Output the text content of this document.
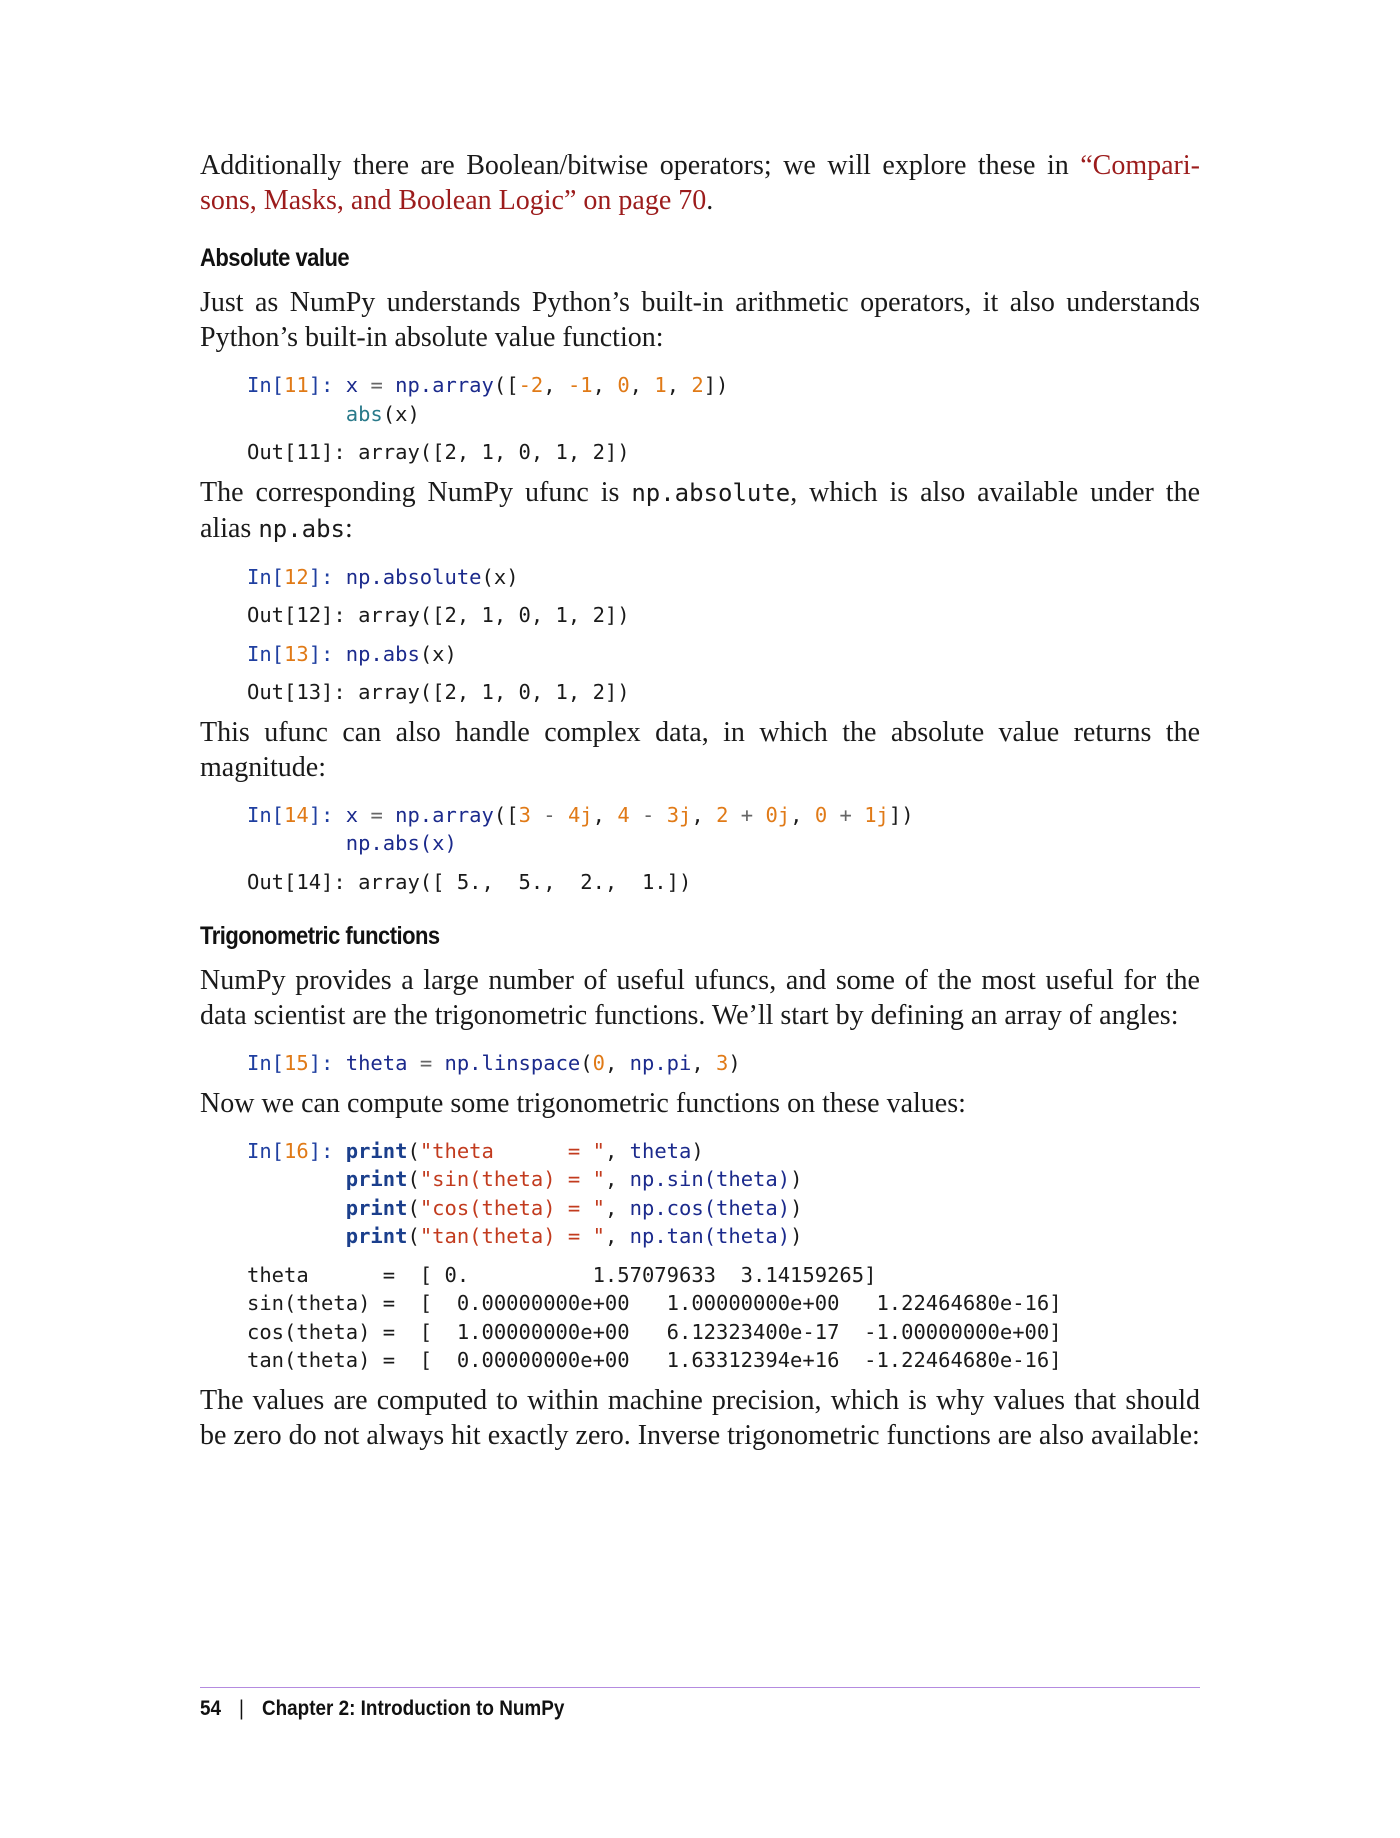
Additionally there are Boolean/bitwise operators; we will explore these in “Compari- sons, Masks, and Boolean Logic” on page 70.

Absolute value

Just as NumPy understands Python’s built-in arithmetic operators, it also understands Python’s built-in absolute value function:

In[11]: x = np.array([-2, -1, 0, 1, 2])
abs(x)

Out[11]: array([2, 1, 0, 1, 2])

The corresponding NumPy ufunc is np.absolute, which is also available under the alias np.abs:

In[12]: np.absolute(x)

Out[12]: array([2, 1, 0, 1, 2])

In[13]: np.abs(x)

Out[13]: array([2, 1, 0, 1, 2])

This ufunc can also handle complex data, in which the absolute value returns the magnitude:

In[14]: x = np.array([3 - 4j, 4 - 3j, 2 + 0j, 0 + 1j])
np.abs(x)

Out[14]: array([ 5.,  5.,  2.,  1.])

Trigonometric functions

NumPy provides a large number of useful ufuncs, and some of the most useful for the data scientist are the trigonometric functions. We’ll start by defining an array of angles:

In[15]: theta = np.linspace(0, np.pi, 3)

Now we can compute some trigonometric functions on these values:

In[16]: print("theta      = ", theta)
print("sin(theta) = ", np.sin(theta))
print("cos(theta) = ", np.cos(theta))
print("tan(theta) = ", np.tan(theta))

theta      =  [ 0.          1.57079633  3.14159265]

sin(theta) =  [  0.00000000e+00   1.00000000e+00   1.22464680e-16]

cos(theta) =  [  1.00000000e+00   6.12323400e-17  -1.00000000e+00]

tan(theta) =  [  0.00000000e+00   1.63312394e+16  -1.22464680e-16]

The values are computed to within machine precision, which is why values that should be zero do not always hit exactly zero. Inverse trigonometric functions are also available:

54 | Chapter 2: Introduction to NumPy
